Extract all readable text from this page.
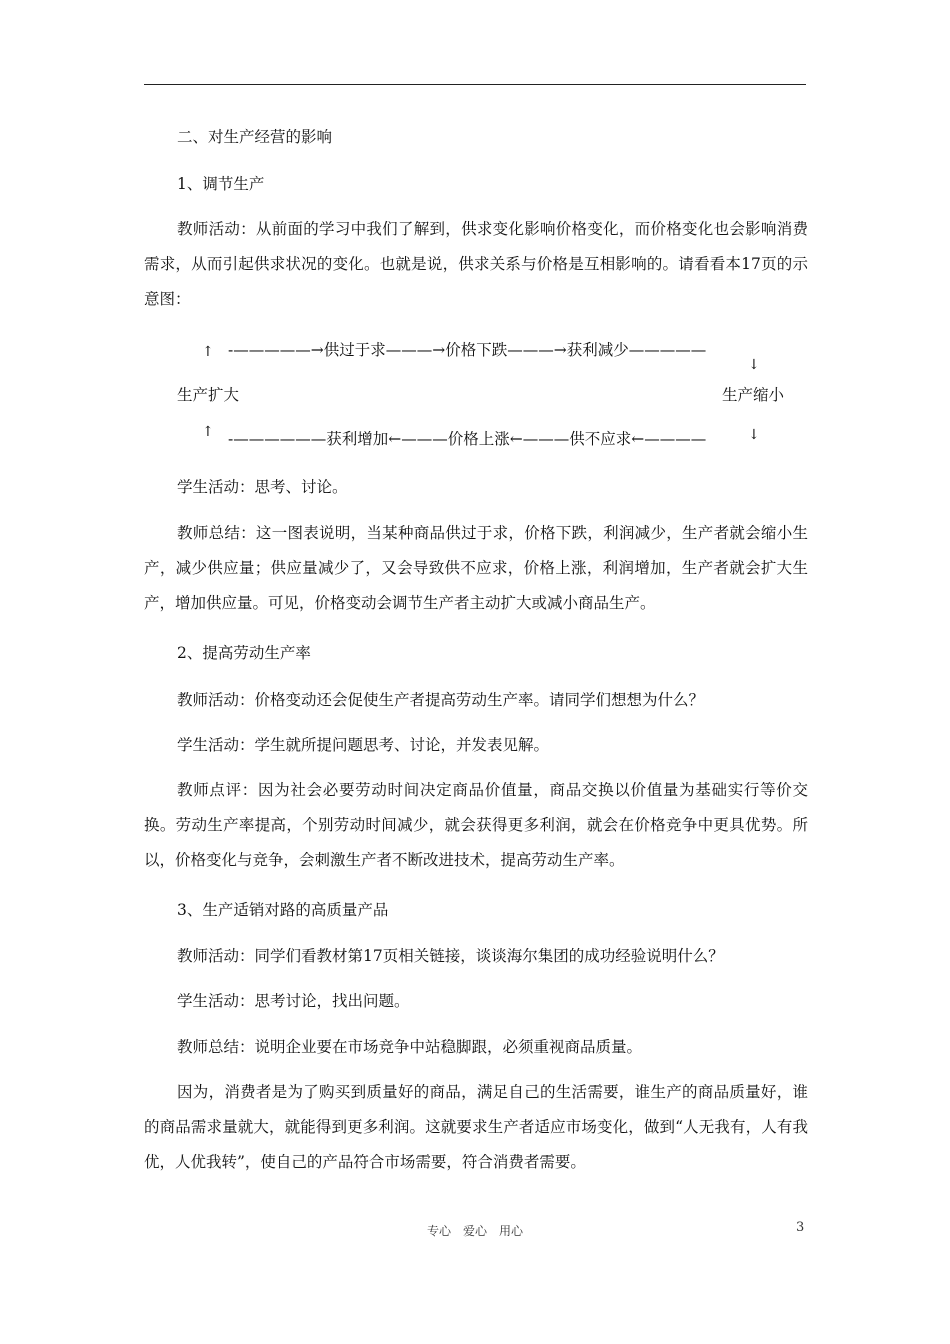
二、对生产经营的影响

1、调节生产

教师活动：从前面的学习中我们了解到，供求变化影响价格变化，而价格变化也会影响消费需求，从而引起供求状况的变化。也就是说，供求关系与价格是互相影响的。请看看本17页的示意图：

↑ -—————→供过于求———→价格下跌———→获利减少—————
↓
生产扩大	生产缩小
↑ -——————获利增加←———价格上涨←———供不应求←————	↓

学生活动：思考、讨论。

教师总结：这一图表说明，当某种商品供过于求，价格下跌，利润减少，生产者就会缩小生产，减少供应量；供应量减少了，又会导致供不应求，价格上涨，利润增加，生产者就会扩大生产，增加供应量。可见，价格变动会调节生产者主动扩大或减小商品生产。

2、提高劳动生产率

教师活动：价格变动还会促使生产者提高劳动生产率。请同学们想想为什么？

学生活动：学生就所提问题思考、讨论，并发表见解。

教师点评：因为社会必要劳动时间决定商品价值量，商品交换以价值量为基础实行等价交换。劳动生产率提高，个别劳动时间减少，就会获得更多利润，就会在价格竞争中更具优势。所以，价格变化与竞争，会刺激生产者不断改进技术，提高劳动生产率。

3、生产适销对路的高质量产品

教师活动：同学们看教材第17页相关链接，谈谈海尔集团的成功经验说明什么？

学生活动：思考讨论，找出问题。

教师总结：说明企业要在市场竞争中站稳脚跟，必须重视商品质量。

因为，消费者是为了购买到质量好的商品，满足自己的生活需要，谁生产的商品质量好，谁的商品需求量就大，就能得到更多利润。这就要求生产者适应市场变化，做到“人无我有，人有我优，人优我转”，使自己的产品符合市场需要，符合消费者需要。

专心　爱心　用心	3
